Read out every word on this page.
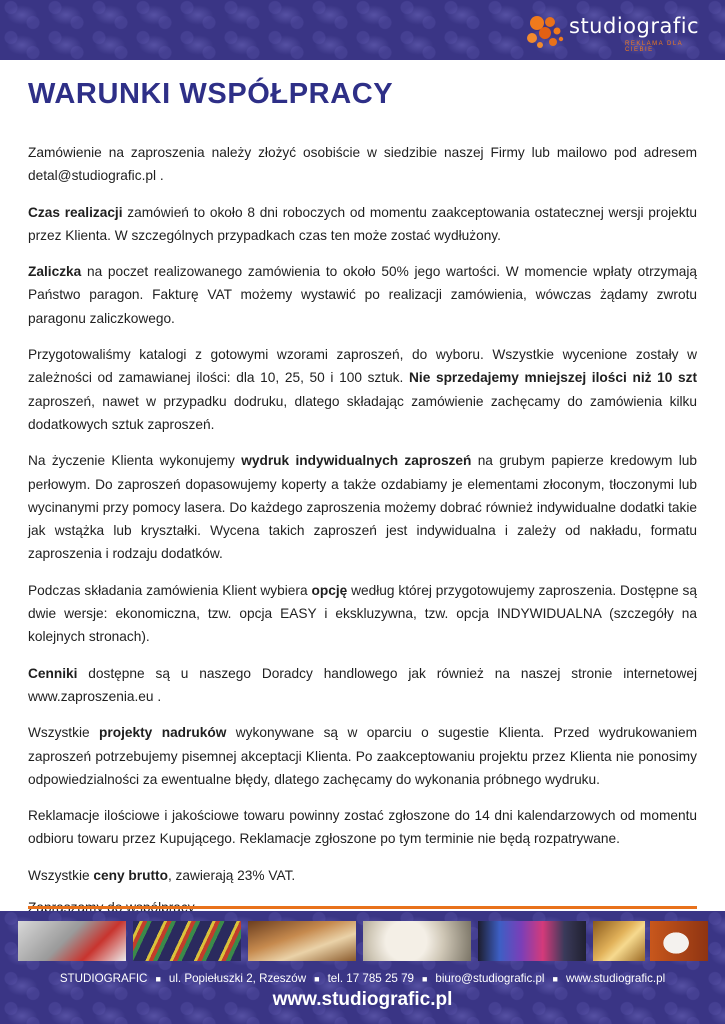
studiografic
REKLAMA DLA CIEBIE
WARUNKI WSPÓŁPRACY

Zamówienie na zaproszenia należy złożyć osobiście w siedzibie naszej Firmy lub mailowo pod adresem detal@studiografic.pl .

Czas realizacji zamówień to około 8 dni roboczych od momentu zaakceptowania ostatecznej wersji projektu przez Klienta. W szczególnych przypadkach czas ten może zostać wydłużony.

Zaliczka na poczet realizowanego zamówienia to około 50% jego wartości. W momencie wpłaty otrzymają Państwo paragon. Fakturę VAT możemy wystawić po realizacji zamówienia, wówczas żądamy zwrotu paragonu zaliczkowego.

Przygotowaliśmy katalogi z gotowymi wzorami zaproszeń, do wyboru. Wszystkie wycenione zostały w zależności od zamawianej ilości: dla 10, 25, 50 i 100 sztuk. Nie sprzedajemy mniejszej ilości niż 10 szt zaproszeń, nawet w przypadku dodruku, dlatego składając zamówienie zachęcamy do zamówienia kilku dodatkowych sztuk zaproszeń.

Na życzenie Klienta wykonujemy wydruk indywidualnych zaproszeń na grubym papierze kredowym lub perłowym. Do zaproszeń dopasowujemy koperty a także ozdabiamy je elementami złoconym, tłoczonymi lub wycinanymi przy pomocy lasera. Do każdego zaproszenia możemy dobrać również indywidualne dodatki takie jak wstążka lub kryształki. Wycena takich zaproszeń jest indywidualna i zależy od nakładu, formatu zaproszenia i rodzaju dodatków.

Podczas składania zamówienia Klient wybiera opcję według której przygotowujemy zaproszenia. Dostępne są dwie wersje: ekonomiczna, tzw. opcja EASY i ekskluzywna, tzw. opcja INDYWIDUALNA (szczegóły na kolejnych stronach).

Cenniki dostępne są u naszego Doradcy handlowego jak również na naszej stronie internetowej www.zaproszenia.eu .

Wszystkie projekty nadruków wykonywane są w oparciu o sugestie Klienta. Przed wydrukowaniem zaproszeń potrzebujemy pisemnej akceptacji Klienta. Po zaakceptowaniu projektu przez Klienta nie ponosimy odpowiedzialności za ewentualne błędy, dlatego zachęcamy do wykonania próbnego wydruku.

Reklamacje ilościowe i jakościowe towaru powinny zostać zgłoszone do 14 dni kalendarzowych od momentu odbioru towaru przez Kupującego. Reklamacje zgłoszone po tym terminie nie będą rozpatrywane.

Wszystkie ceny brutto, zawierają 23% VAT.

STUDIOGRAFIC ■ ul. Popiełuszki 2, Rzeszów ■ tel. 17 785 25 79 ■ biuro@studiografic.pl ■ www.studiografic.pl
www.studiografic.pl
